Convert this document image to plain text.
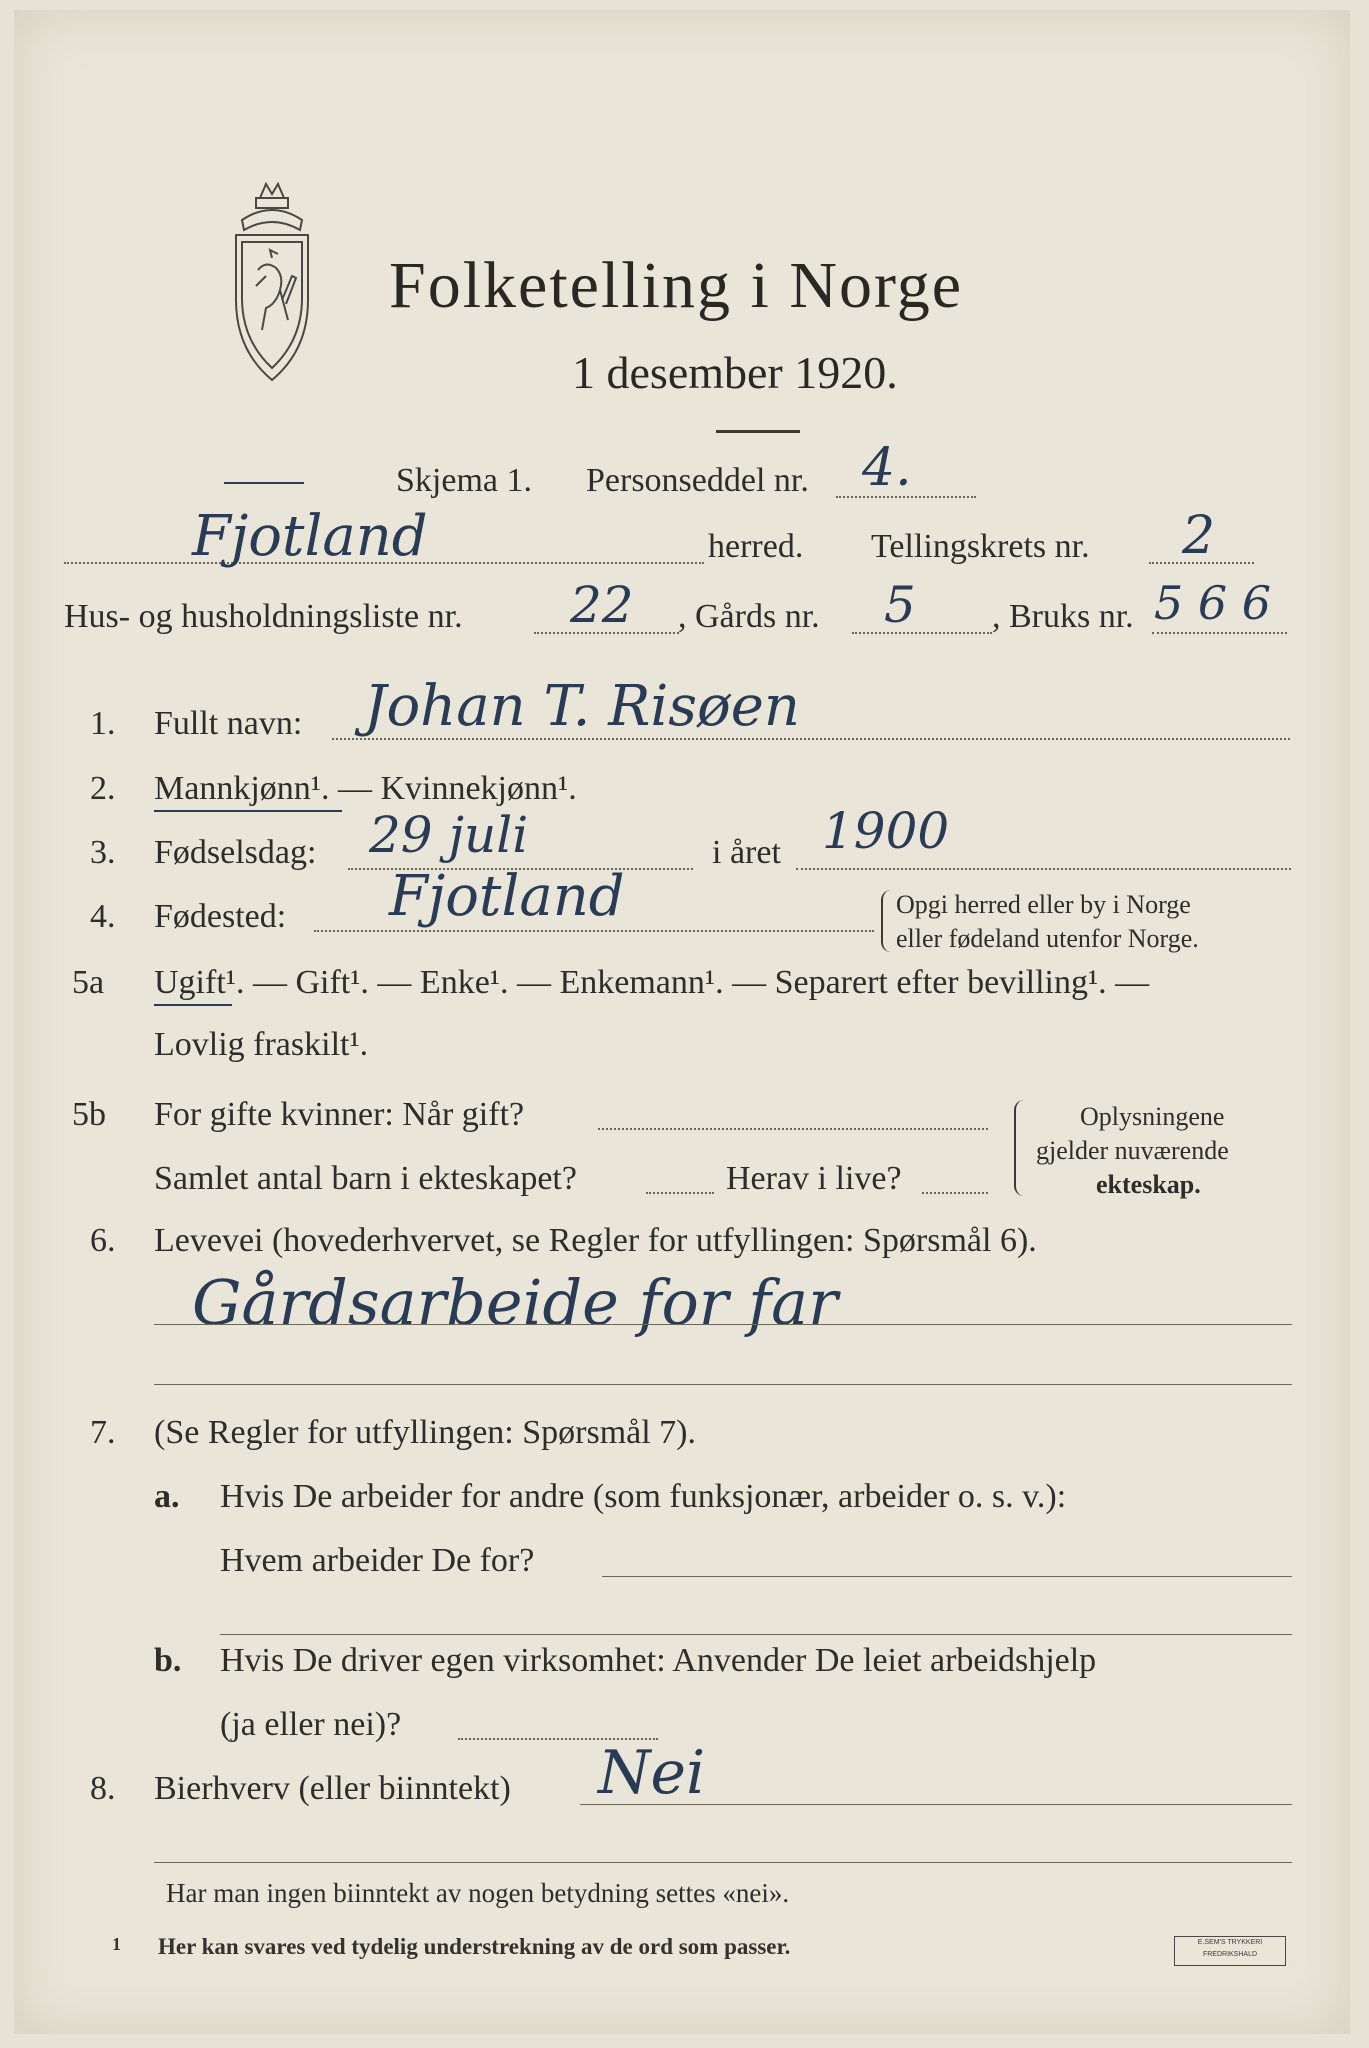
Folketelling i Norge
1 desember 1920.
Skjema 1. Personseddel nr. 4.
Fjotland	herred. Tellingskrets nr. 2
Hus- og husholdningsliste nr. 22 , Gårds nr. 5 , Bruks nr. 5 6 6
1. Fullt navn: Johan T. Risøen
2. Mannkjønn¹. — Kvinnekjønn¹.
3. Fødselsdag: 29 juli	i året 1900
4. Fødested: Fjotland	Opgi herred eller by i Norge
eller fødeland utenfor Norge.
5a Ugift¹. — Gift¹. — Enke¹. — Enkemann¹. — Separert efter bevilling¹. —
Lovlig fraskilt¹.
5b For gifte kvinner: Når gift?
Samlet antal barn i ekteskapet?	Herav i live?
Oplysningene
gjelder nuværende
ekteskap.
6. Levevei (hovederhvervet, se Regler for utfyllingen: Spørsmål 6).
Gårdsarbeide for far
7. (Se Regler for utfyllingen: Spørsmål 7).
a. Hvis De arbeider for andre (som funksjonær, arbeider o. s. v.):
Hvem arbeider De for?
b. Hvis De driver egen virksomhet: Anvender De leiet arbeidshjelp
(ja eller nei)?
8. Bierhverv (eller biinntekt) Nei
Har man ingen biinntekt av nogen betydning settes «nei».
1 Her kan svares ved tydelig understrekning av de ord som passer.	E.SEM'S TRYKKERI
FREDRIKSHALD
